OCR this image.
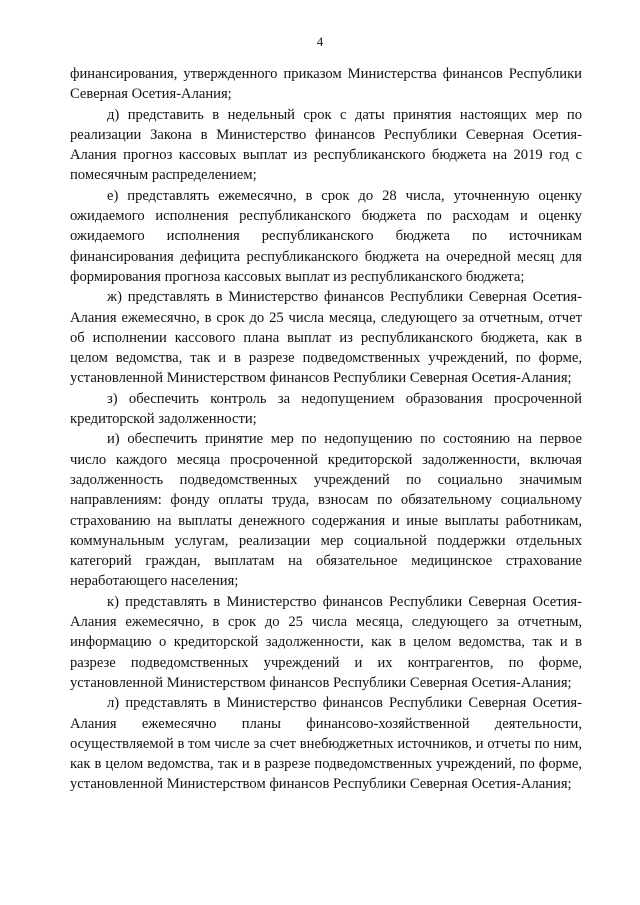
4

финансирования, утвержденного приказом Министерства финансов Республики Северная Осетия-Алания;

д) представить в недельный срок с даты принятия настоящих мер по реализации Закона в Министерство финансов Республики Северная Осетия-Алания прогноз кассовых выплат из республиканского бюджета на 2019 год с помесячным распределением;

е) представлять ежемесячно, в срок до 28 числа, уточненную оценку ожидаемого исполнения республиканского бюджета по расходам и оценку ожидаемого исполнения республиканского бюджета по источникам финансирования дефицита республиканского бюджета на очередной месяц для формирования прогноза кассовых выплат из республиканского бюджета;

ж) представлять в Министерство финансов Республики Северная Осетия-Алания ежемесячно, в срок до 25 числа месяца, следующего за отчетным, отчет об исполнении кассового плана выплат из республиканского бюджета, как в целом ведомства, так и в разрезе подведомственных учреждений, по форме, установленной Министерством финансов Республики Северная Осетия-Алания;

з) обеспечить контроль за недопущением образования просроченной кредиторской задолженности;

и) обеспечить принятие мер по недопущению по состоянию на первое число каждого месяца просроченной кредиторской задолженности, включая задолженность подведомственных учреждений по социально значимым направлениям: фонду оплаты труда, взносам по обязательному социальному страхованию на выплаты денежного содержания и иные выплаты работникам, коммунальным услугам, реализации мер социальной поддержки отдельных категорий граждан, выплатам на обязательное медицинское страхование неработающего населения;

к) представлять в Министерство финансов Республики Северная Осетия-Алания ежемесячно, в срок до 25 числа месяца, следующего за отчетным, информацию о кредиторской задолженности, как в целом ведомства, так и в разрезе подведомственных учреждений и их контрагентов, по форме, установленной Министерством финансов Республики Северная Осетия-Алания;

л) представлять в Министерство финансов Республики Северная Осетия-Алания ежемесячно планы финансово-хозяйственной деятельности, осуществляемой в том числе за счет внебюджетных источников, и отчеты по ним, как в целом ведомства, так и в разрезе подведомственных учреждений, по форме, установленной Министерством финансов Республики Северная Осетия-Алания;
